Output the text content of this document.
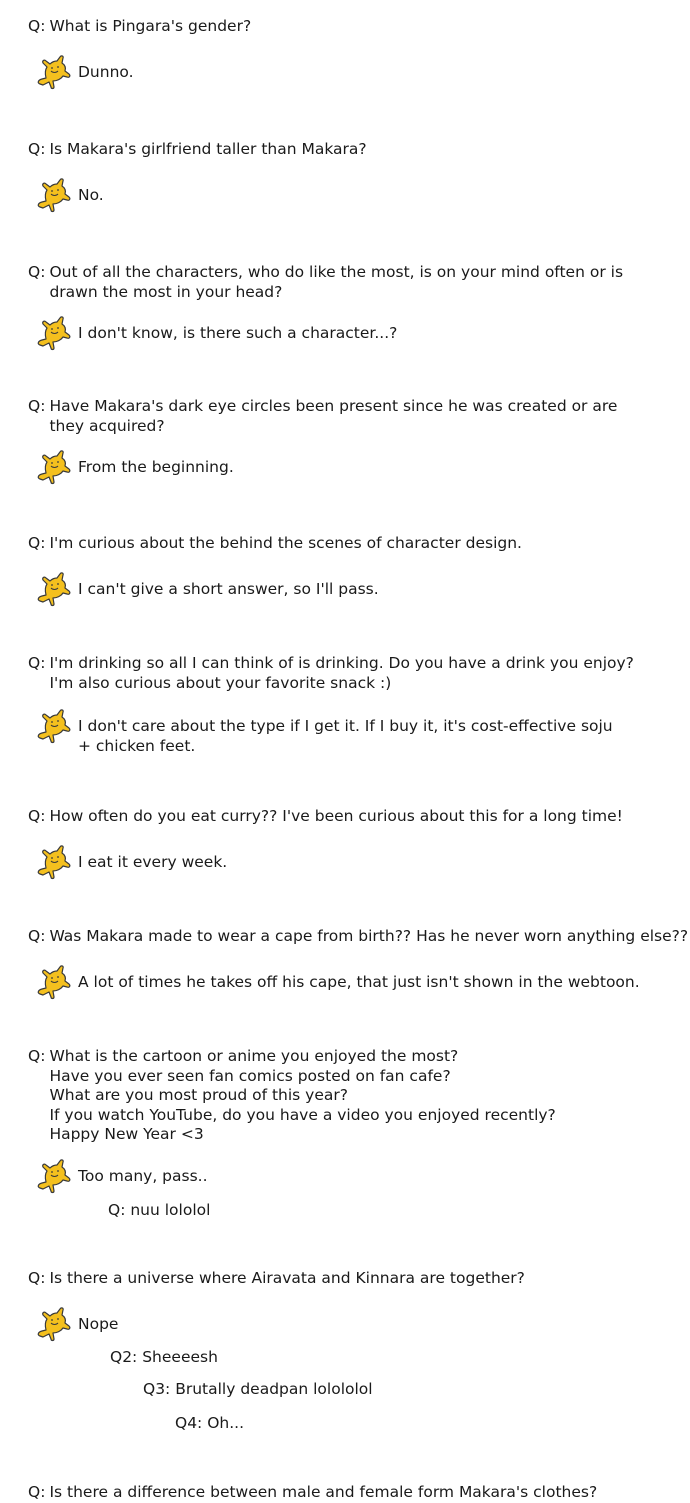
Q: What is Pingara's gender?
Dunno.
Q: Is Makara's girlfriend taller than Makara?
No.
Q: Out of all the characters, who do like the most, is on your mind often or is
drawn the most in your head?
I don't know, is there such a character...?
Q: Have Makara's dark eye circles been present since he was created or are
they acquired?
From the beginning.
Q: I'm curious about the behind the scenes of character design.
I can't give a short answer, so I'll pass.
Q: I'm drinking so all I can think of is drinking. Do you have a drink you enjoy?
I'm also curious about your favorite snack :)
I don't care about the type if I get it. If I buy it, it's cost-effective soju
+ chicken feet.
Q: How often do you eat curry?? I've been curious about this for a long time!
I eat it every week.
Q: Was Makara made to wear a cape from birth?? Has he never worn anything else??
A lot of times he takes off his cape, that just isn't shown in the webtoon.
Q: What is the cartoon or anime you enjoyed the most?
Have you ever seen fan comics posted on fan cafe?
What are you most proud of this year?
If you watch YouTube, do you have a video you enjoyed recently?
Happy New Year <3
Too many, pass..
Q: nuu lololol
Q: Is there a universe where Airavata and Kinnara are together?
Nope
Q2: Sheeeesh
Q3: Brutally deadpan lolololol
Q4: Oh...
Q: Is there a difference between male and female form Makara's clothes?
